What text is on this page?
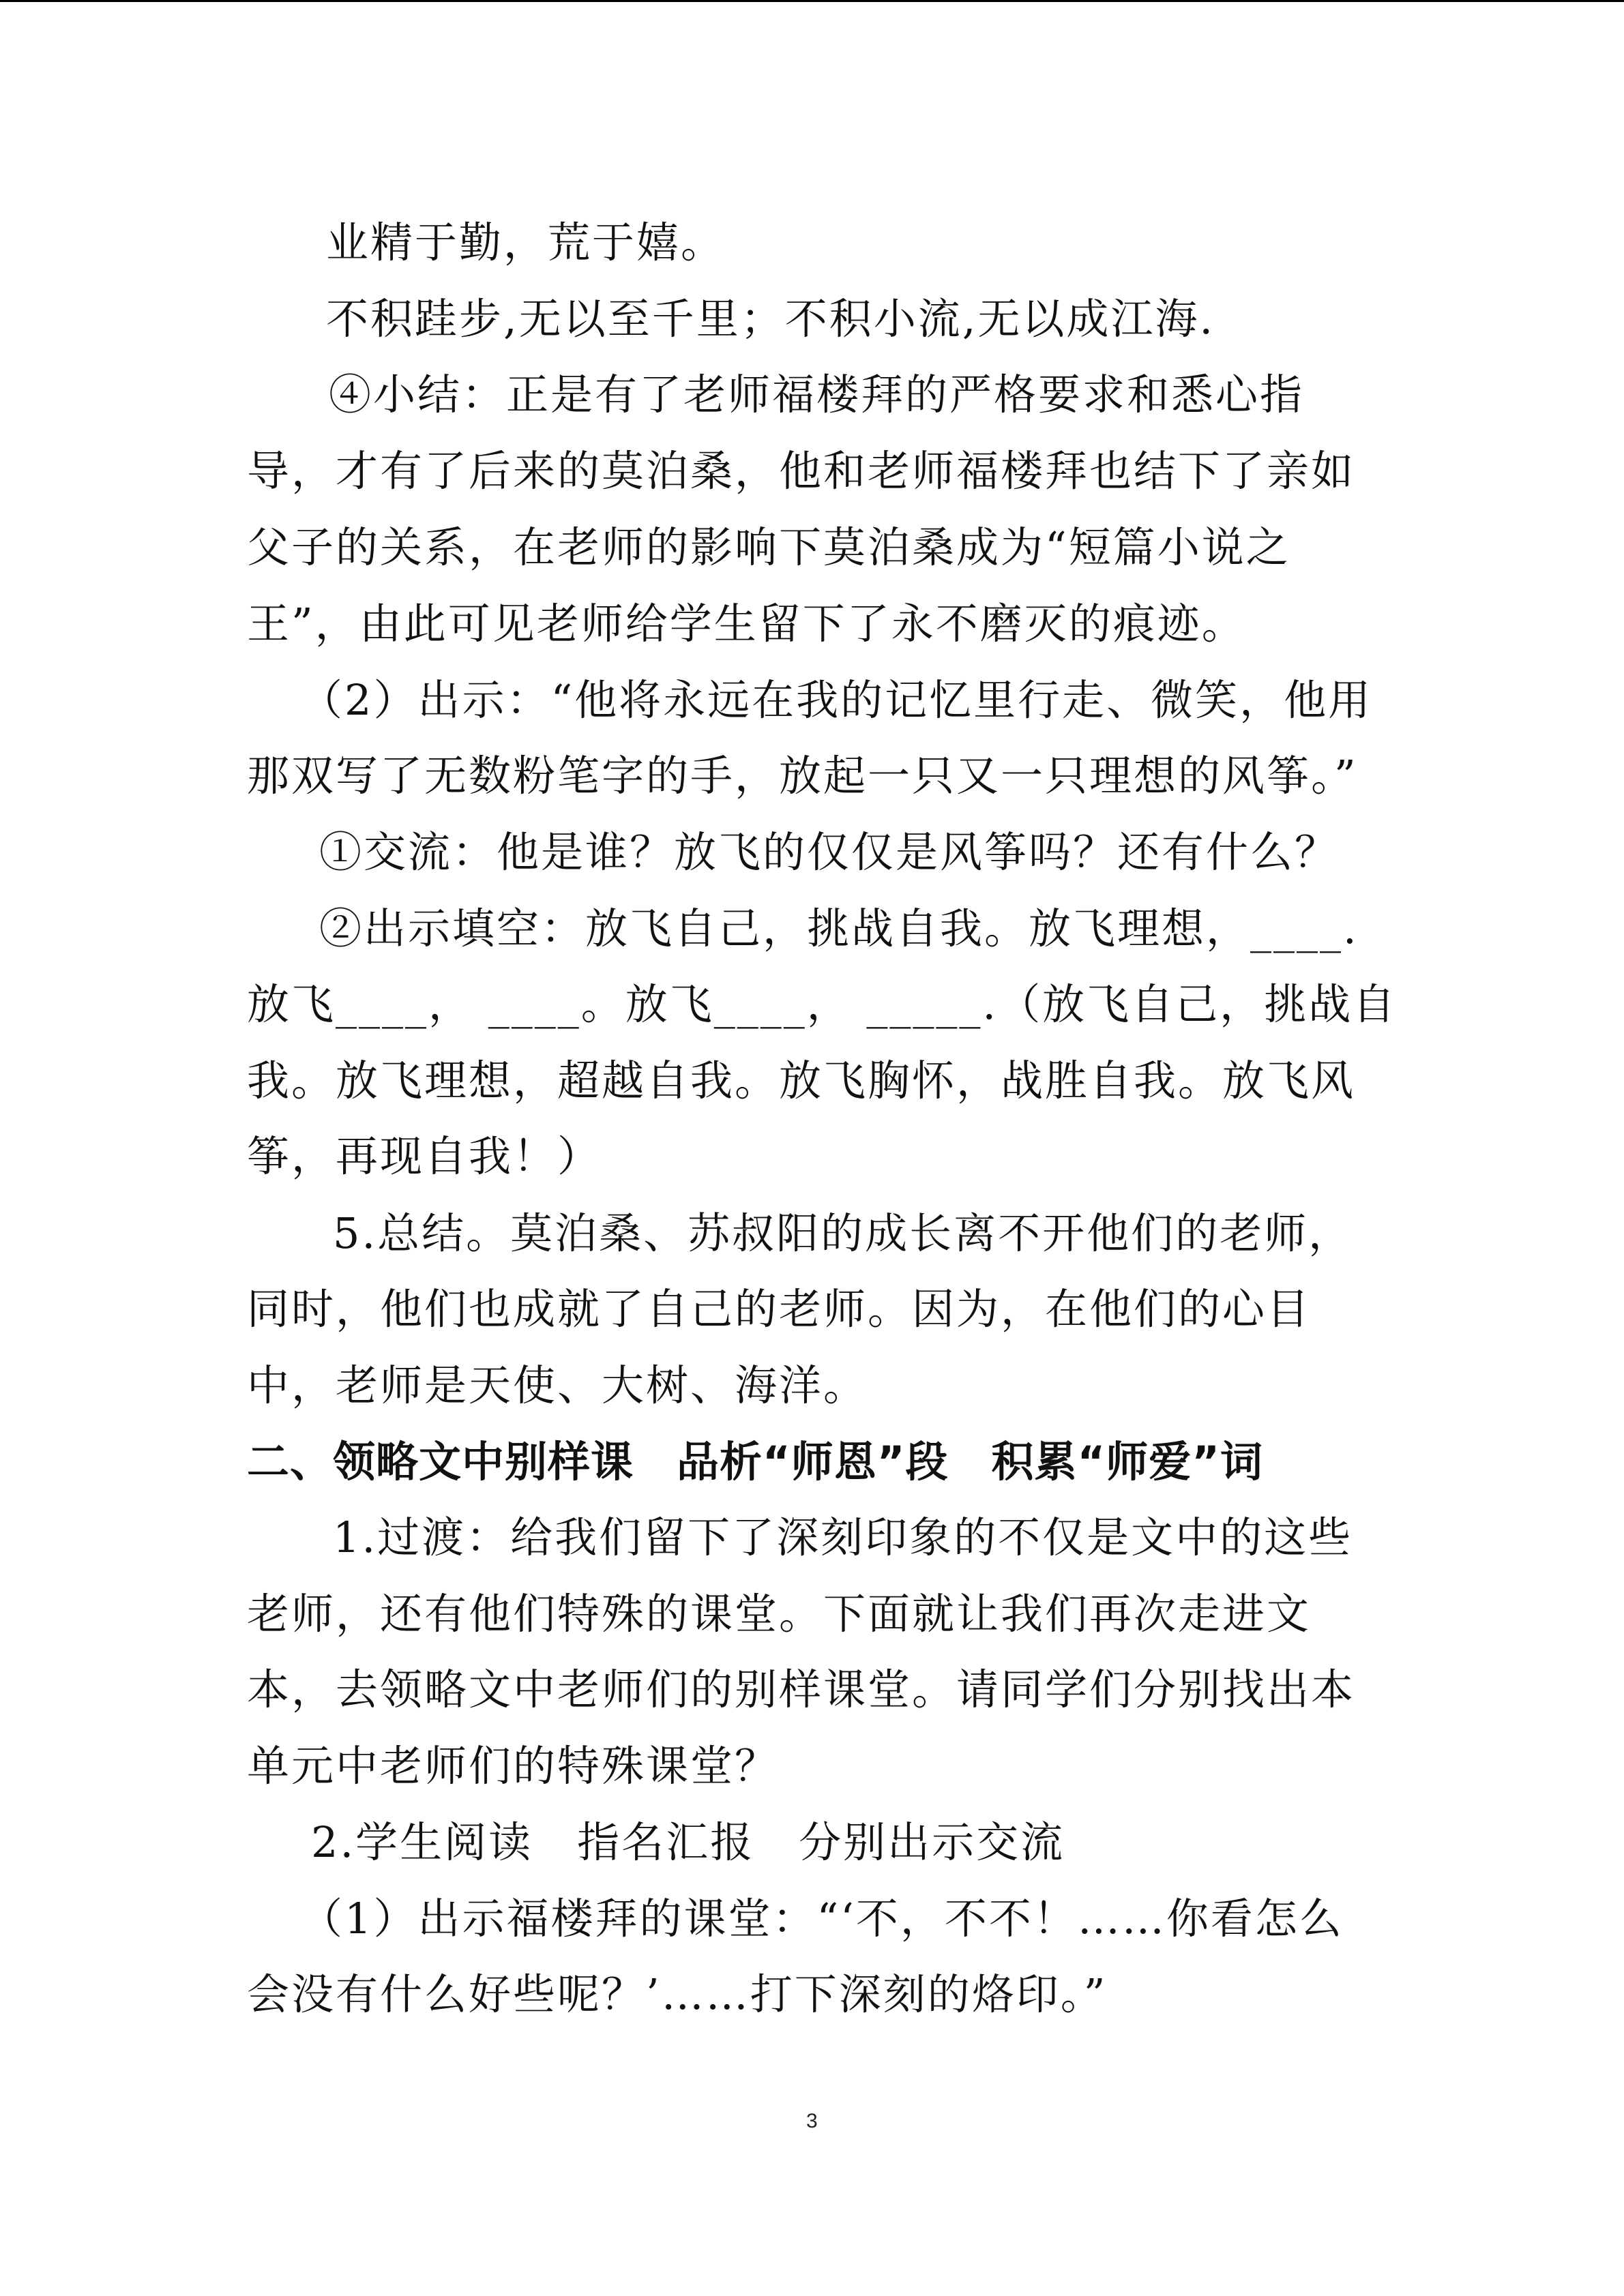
业精于勤，荒于嬉。
不积跬步,无以至千里；不积小流,无以成江海.
④小结：正是有了老师福楼拜的严格要求和悉心指
导，才有了后来的莫泊桑，他和老师福楼拜也结下了亲如
父子的关系，在老师的影响下莫泊桑成为“短篇小说之
王”，由此可见老师给学生留下了永不磨灭的痕迹。
（2）出示：“他将永远在我的记忆里行走、微笑，他用
那双写了无数粉笔字的手，放起一只又一只理想的风筝。”
①交流：他是谁？放飞的仅仅是风筝吗？还有什么？
②出示填空：放飞自己，挑战自我。放飞理想，____.
放飞____， ____。放飞____， _____.（放飞自己，挑战自
我。放飞理想，超越自我。放飞胸怀，战胜自我。放飞风
筝，再现自我！）
5.总结。莫泊桑、苏叔阳的成长离不开他们的老师，
同时，他们也成就了自己的老师。因为，在他们的心目
中，老师是天使、大树、海洋。
二、领略文中别样课　品析“师恩”段　积累“师爱”词
1.过渡：给我们留下了深刻印象的不仅是文中的这些
老师，还有他们特殊的课堂。下面就让我们再次走进文
本，去领略文中老师们的别样课堂。请同学们分别找出本
单元中老师们的特殊课堂？
2.学生阅读　指名汇报　分别出示交流
（1）出示福楼拜的课堂：“‘不，不不！……你看怎么
会没有什么好些呢？’……打下深刻的烙印。”
3
